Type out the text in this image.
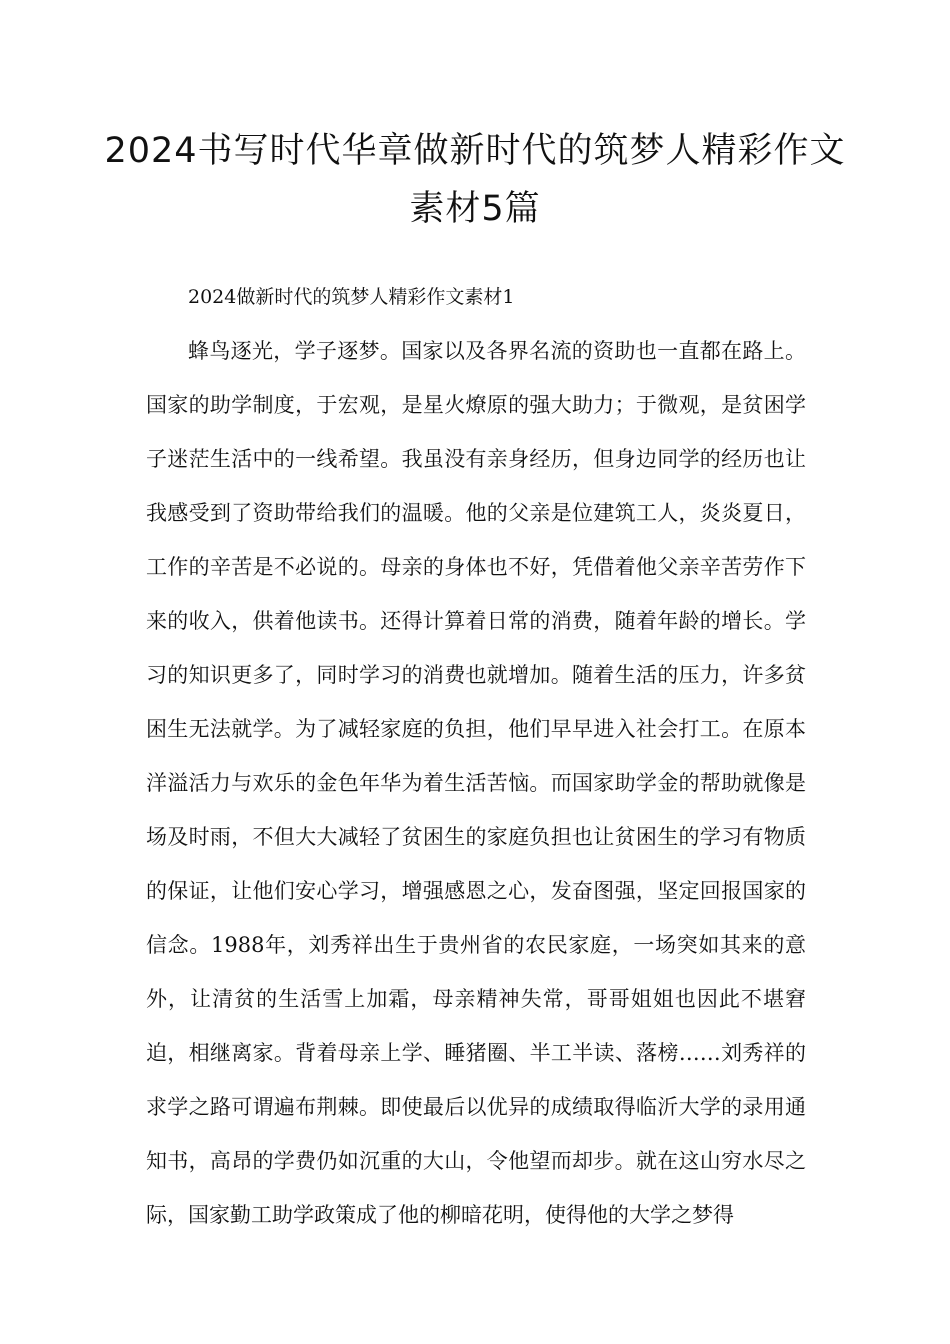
2024书写时代华章做新时代的筑梦人精彩作文素材5篇

2024做新时代的筑梦人精彩作文素材1

蜂鸟逐光，学子逐梦。国家以及各界名流的资助也一直都在路上。国家的助学制度，于宏观，是星火燎原的强大助力；于微观，是贫困学子迷茫生活中的一线希望。我虽没有亲身经历，但身边同学的经历也让我感受到了资助带给我们的温暖。他的父亲是位建筑工人，炎炎夏日，工作的辛苦是不必说的。母亲的身体也不好，凭借着他父亲辛苦劳作下来的收入，供着他读书。还得计算着日常的消费，随着年龄的增长。学习的知识更多了，同时学习的消费也就增加。随着生活的压力，许多贫困生无法就学。为了减轻家庭的负担，他们早早进入社会打工。在原本洋溢活力与欢乐的金色年华为着生活苦恼。而国家助学金的帮助就像是场及时雨，不但大大减轻了贫困生的家庭负担也让贫困生的学习有物质的保证，让他们安心学习，增强感恩之心，发奋图强，坚定回报国家的信念。1988年，刘秀祥出生于贵州省的农民家庭，一场突如其来的意外，让清贫的生活雪上加霜，母亲精神失常，哥哥姐姐也因此不堪窘迫，相继离家。背着母亲上学、睡猪圈、半工半读、落榜……刘秀祥的求学之路可谓遍布荆棘。即使最后以优异的成绩取得临沂大学的录用通知书，高昂的学费仍如沉重的大山，令他望而却步。就在这山穷水尽之际，国家勤工助学政策成了他的柳暗花明，使得他的大学之梦得
